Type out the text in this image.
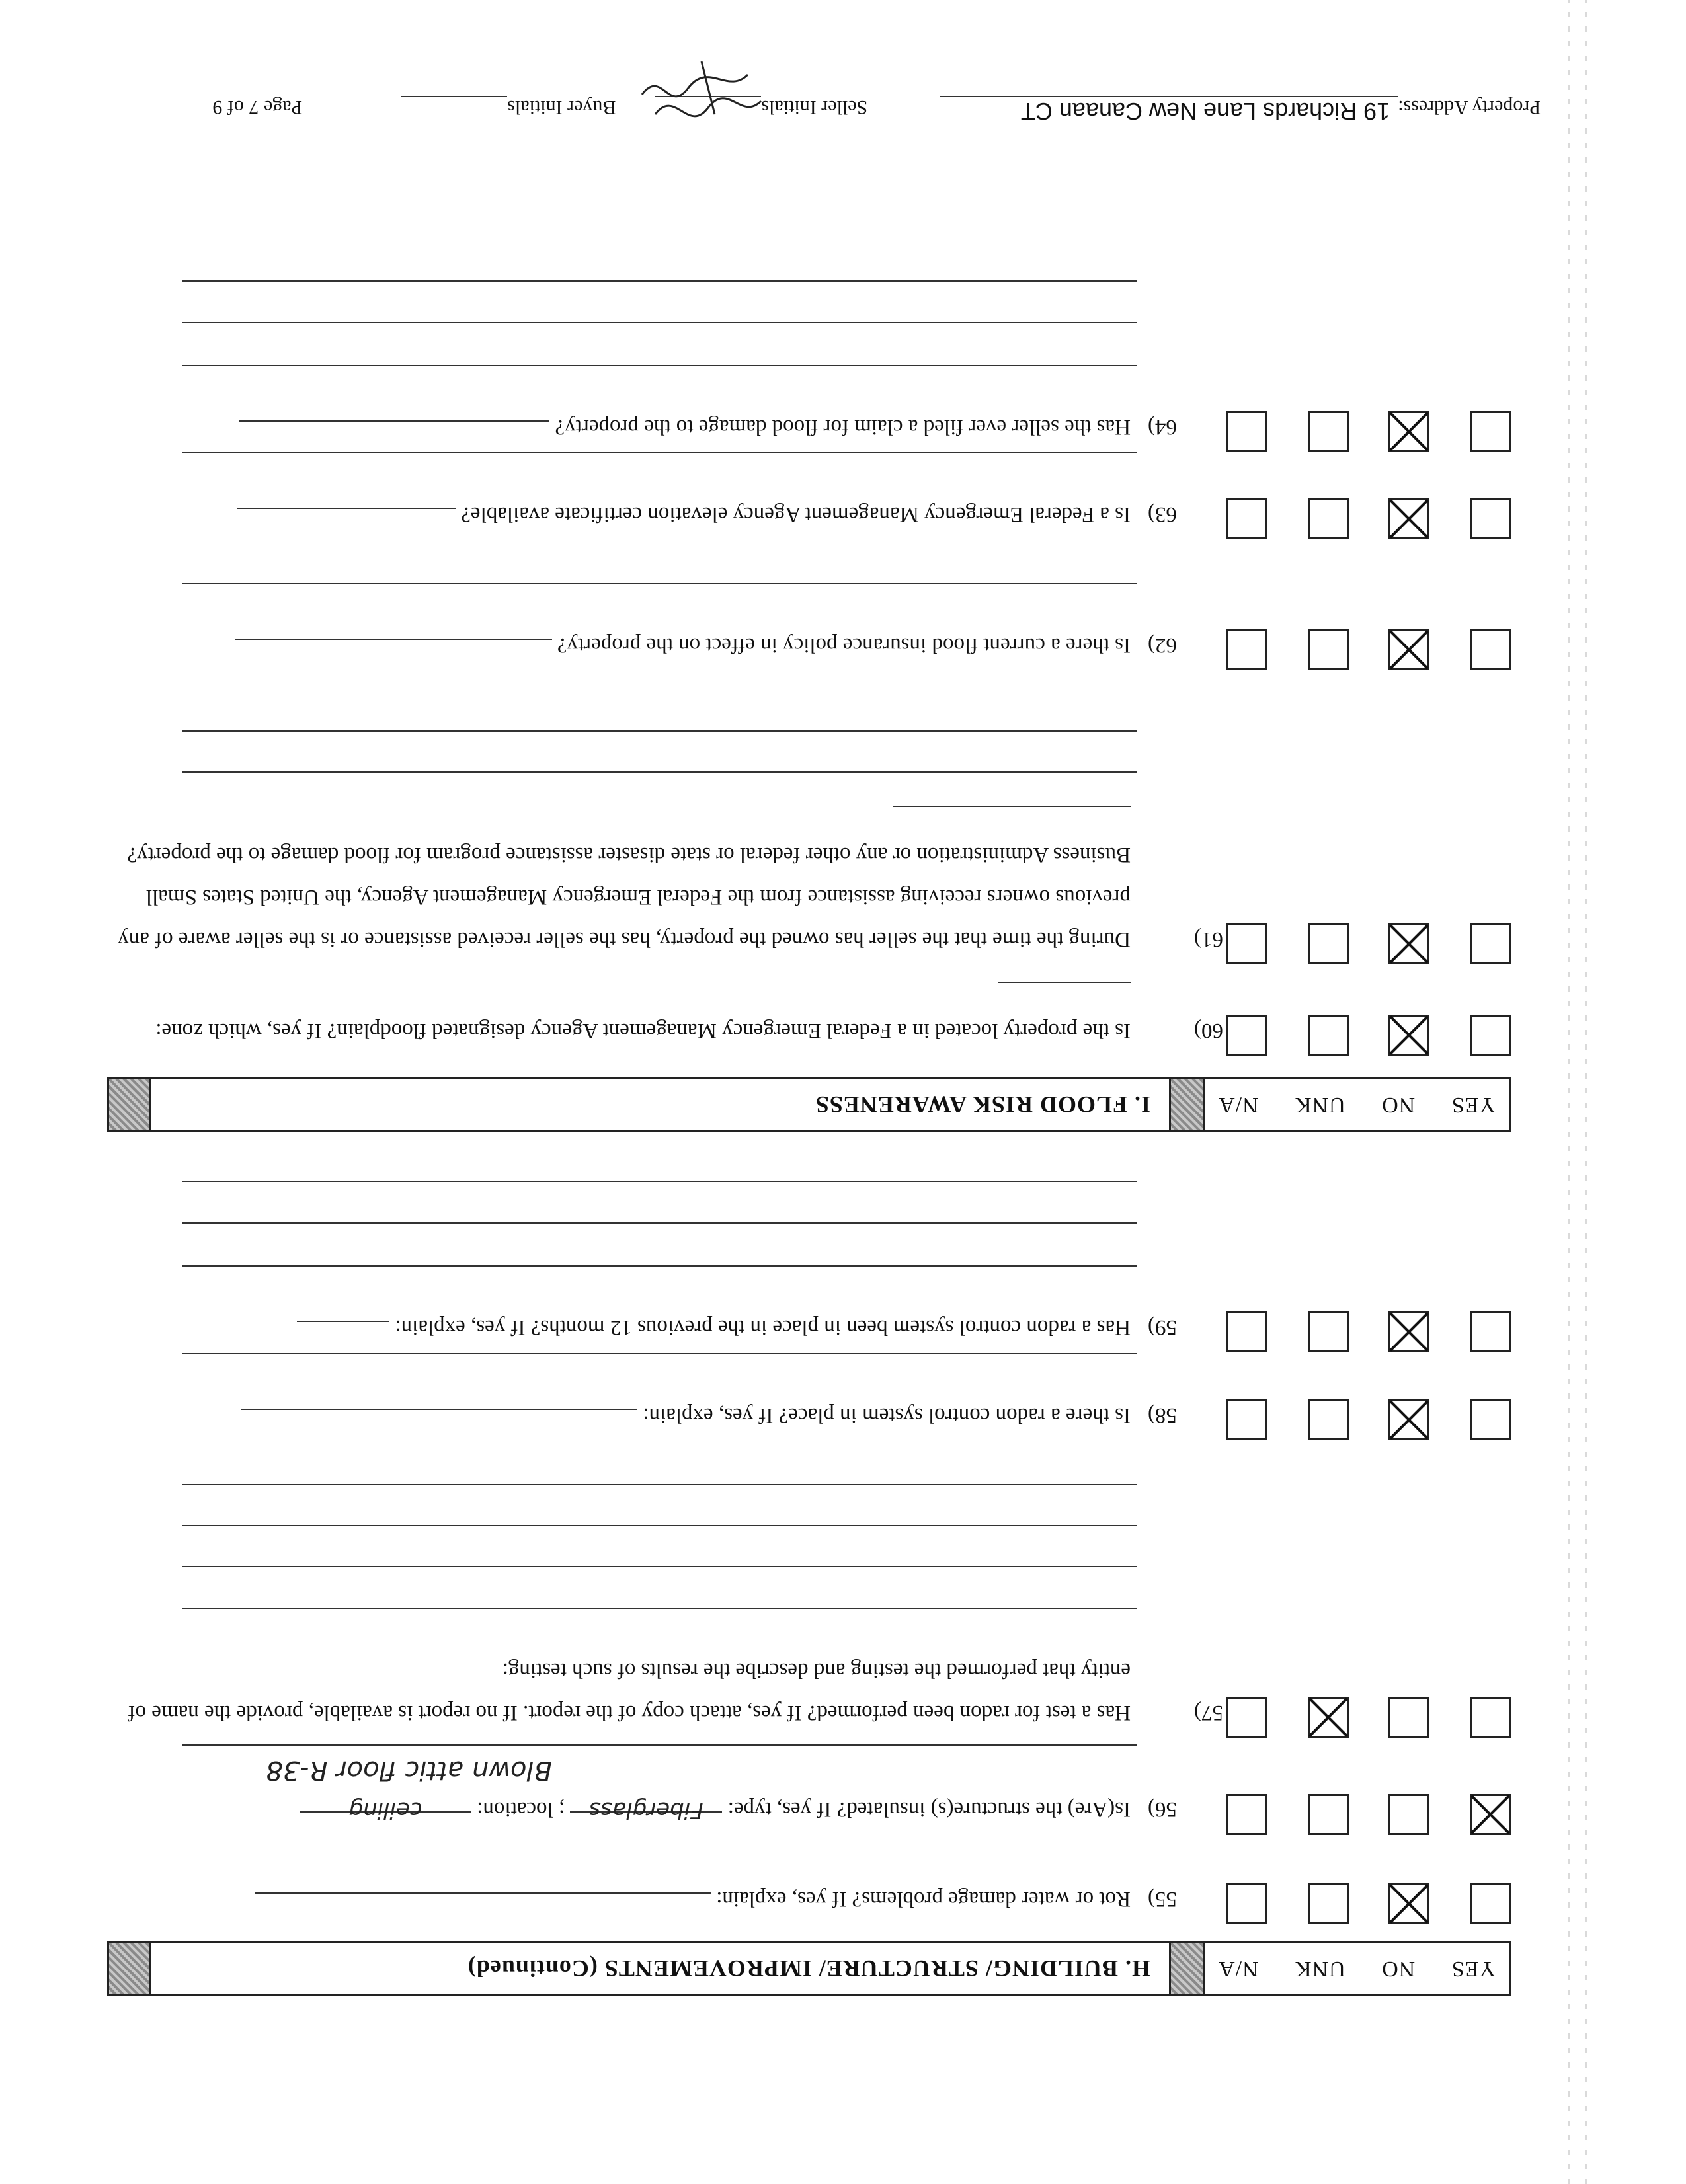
YES
NO
UNK
N/A
H. BUILDING/ STRUCTURE/ IMPROVEMENTS (Continued)
55)Rot or water damage problems? If yes, explain:
56)Is(Are) the structure(s) insulated? If yes, type: Fiberglass ; location: ceiling
Blown attic floor R-38
57)Has a test for radon been performed? If yes, attach copy of the report. If no report is available, provide the name of entity that performed the testing and describe the results of such testing:
58)Is there a radon control system in place? If yes, explain:
59)Has a radon control system been in place in the previous 12 months? If yes, explain:
YES
NO
UNK
N/A
I. FLOOD RISK AWARENESS
60)Is the property located in a Federal Emergency Management Agency designated floodplain? If yes, which zone:
61)During the time that the seller has owned the property, has the seller received assistance or is the seller aware of any previous owners receiving assistance from the Federal Emergency Management Agency, the United States Small Business Administration or any other federal or state disaster assistance program for flood damage to the property?
62)Is there a current flood insurance policy in effect on the property?
63)Is a Federal Emergency Management Agency elevation certificate available?
64)Has the seller ever filed a claim for flood damage to the property?
Property Address:
19 Richards Lane New Canaan CT
Seller Initials
Buyer Initials
Page 7 of 9
